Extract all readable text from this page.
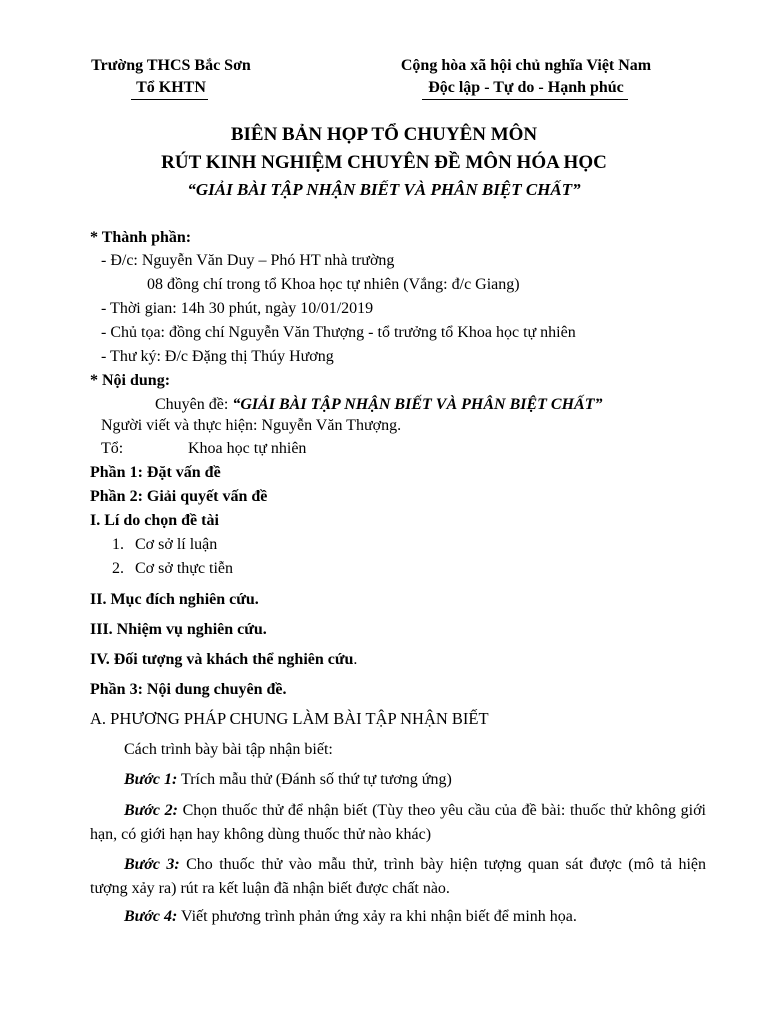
Trường THCS Bắc Sơn
Tổ KHTN
Cộng hòa xã hội chủ nghĩa Việt Nam
Độc lập - Tự do - Hạnh phúc
BIÊN BẢN HỌP TỔ CHUYÊN MÔN
RÚT KINH NGHIỆM CHUYÊN ĐỀ MÔN HÓA HỌC
“GIẢI BÀI TẬP NHẬN BIẾT VÀ PHÂN BIỆT CHẤT”
* Thành phần:
- Đ/c: Nguyễn Văn Duy – Phó HT nhà trường
08 đồng chí trong tổ Khoa học tự nhiên (Vắng: đ/c Giang)
- Thời gian: 14h 30 phút, ngày 10/01/2019
- Chủ tọa: đồng chí Nguyễn Văn Thượng - tổ trưởng tổ Khoa học tự nhiên
- Thư ký: Đ/c Đặng thị Thúy Hương
* Nội dung:
Chuyên đề: “GIẢI BÀI TẬP NHẬN BIẾT VÀ PHÂN BIỆT CHẤT”
Người viết và thực hiện: Nguyễn Văn Thượng.
Tổ:	Khoa học tự nhiên
Phần 1: Đặt vấn đề
Phần 2: Giải quyết vấn đề
I. Lí do chọn đề tài
1. Cơ sở lí luận
2. Cơ sở thực tiễn
II. Mục đích nghiên cứu.
III. Nhiệm vụ nghiên cứu.
IV. Đối tượng và khách thể nghiên cứu.
Phần 3: Nội dung chuyên đề.
A. PHƯƠNG PHÁP CHUNG LÀM BÀI TẬP NHẬN BIẾT
Cách trình bày bài tập nhận biết:
Bước 1: Trích mẫu thử (Đánh số thứ tự tương ứng)
Bước 2: Chọn thuốc thử để nhận biết (Tùy theo yêu cầu của đề bài: thuốc thử không giới hạn, có giới hạn hay không dùng thuốc thử nào khác)
Bước 3: Cho thuốc thử vào mẫu thử, trình bày hiện tượng quan sát được (mô tả hiện tượng xảy ra) rút ra kết luận đã nhận biết được chất nào.
Bước 4: Viết phương trình phản ứng xảy ra khi nhận biết để minh họa.
